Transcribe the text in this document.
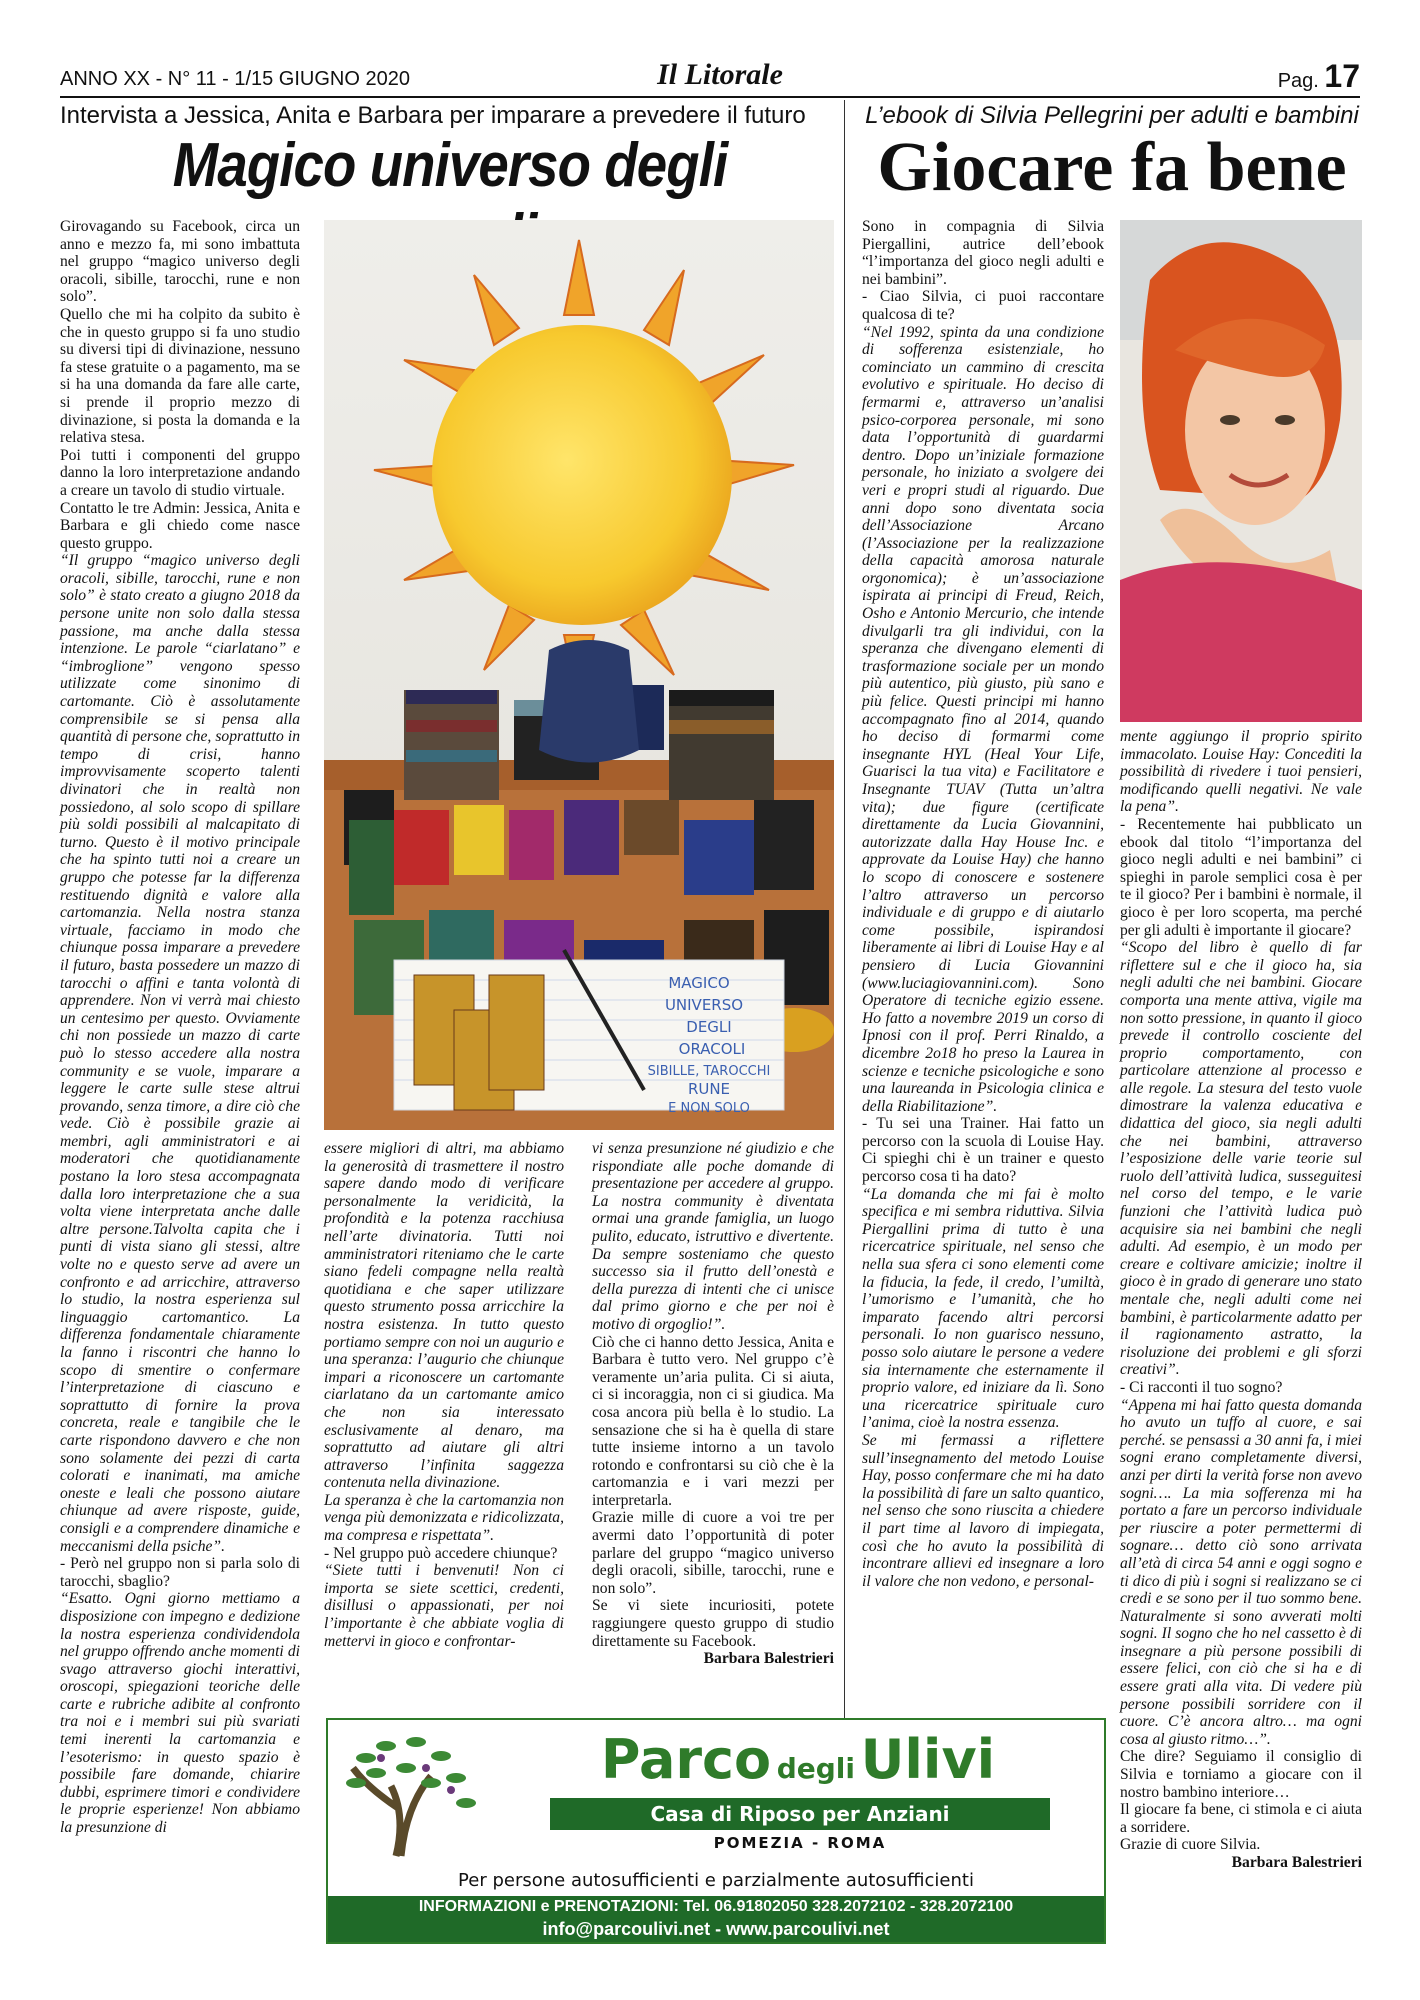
ANNO XX - N° 11 - 1/15 GIUGNO 2020	Il Litorale	Pag. 17
Intervista a Jessica, Anita e Barbara per imparare a prevedere il futuro
Magico universo degli

Girovagando su Facebook, circa un anno e mezzo fa, mi sono imbattuta nel gruppo “magico universo degli oracoli, sibille, tarocchi, rune e non solo”.

Quello che mi ha colpito da subito è che in questo gruppo si fa uno studio su diversi tipi di divinazione, nessuno fa stese gratuite o a pagamento, ma se si ha una domanda da fare alle carte, si prende il proprio mezzo di divinazione, si posta la domanda e la relativa stesa.

Poi tutti i componenti del gruppo danno la loro interpretazione andando a creare un tavolo di studio virtuale.

Contatto le tre Admin: Jessica, Anita e Barbara e gli chiedo come nasce questo gruppo.

“Il gruppo “magico universo degli oracoli, sibille, tarocchi, rune e non solo” è stato creato a giugno 2018 da persone unite non solo dalla stessa passione, ma anche dalla stessa intenzione. Le parole “ciarlatano” e “imbroglione” vengono spesso utilizzate come sinonimo di cartomante. Ciò è assolutamente comprensibile se si pensa alla quantità di persone che, soprattutto in tempo di crisi, hanno improvvisamente scoperto talenti divinatori che in realtà non possiedono, al solo scopo di spillare più soldi possibili al malcapitato di turno. Questo è il motivo principale che ha spinto tutti noi a creare un gruppo che potesse far la differenza restituendo dignità e valore alla cartomanzia. Nella nostra stanza virtuale, facciamo in modo che chiunque possa imparare a prevedere il futuro, basta possedere un mazzo di tarocchi o affini e tanta volontà di apprendere. Non vi verrà mai chiesto un centesimo per questo. Ovviamente chi non possiede un mazzo di carte può lo stesso accedere alla nostra community e se vuole, imparare a leggere le carte sulle stese altrui provando, senza timore, a dire ciò che vede. Ciò è possibile grazie ai membri, agli amministratori e ai moderatori che quotidianamente postano la loro stesa accompagnata dalla loro interpretazione che a sua volta viene interpretata anche dalle altre persone.Talvolta capita che i punti di vista siano gli stessi, altre volte no e questo serve ad avere un confronto e ad arricchire, attraverso lo studio, la nostra esperienza sul linguaggio cartomantico. La differenza fondamentale chiaramente la fanno i riscontri che hanno lo scopo di smentire o confermare l’interpretazione di ciascuno e soprattutto di fornire la prova concreta, reale e tangibile che le carte rispondono davvero e che non sono solamente dei pezzi di carta colorati e inanimati, ma amiche oneste e leali che possono aiutare chiunque ad avere risposte, guide, consigli e a comprendere dinamiche e meccanismi della psiche”.

- Però nel gruppo non si parla solo di tarocchi, sbaglio?

“Esatto. Ogni giorno mettiamo a disposizione con impegno e dedizione la nostra esperienza condividendola nel gruppo offrendo anche momenti di svago attraverso giochi interattivi, oroscopi, spiegazioni teoriche delle carte e rubriche adibite al confronto tra noi e i membri sui più svariati temi inerenti la cartomanzia e l’esoterismo: in questo spazio è possibile fare domande, chiarire dubbi, esprimere timori e condividere le proprie esperienze! Non abbiamo la presunzione di

MAGICO
UNIVERSO
DEGLI
ORACOLI
SIBILLE, TAROCCHI
RUNE
E NON SOLO

essere migliori di altri, ma abbiamo la generosità di trasmettere il nostro sapere dando modo di verificare personalmente la veridicità, la profondità e la potenza racchiusa nell’arte divinatoria. Tutti noi amministratori riteniamo che le carte siano fedeli compagne nella realtà quotidiana e che saper utilizzare questo strumento possa arricchire la nostra esistenza. In tutto questo portiamo sempre con noi un augurio e una speranza: l’augurio che chiunque impari a riconoscere un cartomante ciarlatano da un cartomante amico che non sia interessato esclusivamente al denaro, ma soprattutto ad aiutare gli altri attraverso l’infinita saggezza contenuta nella divinazione.

La speranza è che la cartomanzia non venga più demonizzata e ridicolizzata, ma compresa e rispettata”.

- Nel gruppo può accedere chiunque?

“Siete tutti i benvenuti! Non ci importa se siete scettici, credenti, disillusi o appassionati, per noi l’importante è che abbiate voglia di mettervi in gioco e confrontar-

vi senza presunzione né giudizio e che rispondiate alle poche domande di presentazione per accedere al gruppo. La nostra community è diventata ormai una grande famiglia, un luogo pulito, educato, istruttivo e divertente. Da sempre sosteniamo che questo successo sia il frutto dell’onestà e della purezza di intenti che ci unisce dal primo giorno e che per noi è motivo di orgoglio!”.

Ciò che ci hanno detto Jessica, Anita e Barbara è tutto vero. Nel gruppo c’è veramente un’aria pulita. Ci si aiuta, ci si incoraggia, non ci si giudica. Ma cosa ancora più bella è lo studio. La sensazione che si ha è quella di stare tutte insieme intorno a un tavolo rotondo e confrontarsi su ciò che è la cartomanzia e i vari mezzi per interpretarla.

Grazie mille di cuore a voi tre per avermi dato l’opportunità di poter parlare del gruppo “magico universo degli oracoli, sibille, tarocchi, rune e non solo”.

Se vi siete incuriositi, potete raggiungere questo gruppo di studio direttamente su Facebook.

Barbara Balestrieri

L’ebook di Silvia Pellegrini per adulti e bambini
Giocare fa bene

Sono in compagnia di Silvia Piergallini, autrice dell’ebook “l’importanza del gioco negli adulti e nei bambini”.

- Ciao Silvia, ci puoi raccontare qualcosa di te?

“Nel 1992, spinta da una condizione di sofferenza esistenziale, ho cominciato un cammino di crescita evolutivo e spirituale. Ho deciso di fermarmi e, attraverso un’analisi psico-corporea personale, mi sono data l’opportunità di guardarmi dentro. Dopo un’iniziale formazione personale, ho iniziato a svolgere dei veri e propri studi al riguardo. Due anni dopo sono diventata socia dell’Associazione Arcano (l’Associazione per la realizzazione della capacità amorosa naturale orgonomica); è un’associazione ispirata ai principi di Freud, Reich, Osho e Antonio Mercurio, che intende divulgarli tra gli individui, con la speranza che divengano elementi di trasformazione sociale per un mondo più autentico, più giusto, più sano e più felice. Questi principi mi hanno accompagnato fino al 2014, quando ho deciso di formarmi come insegnante HYL (Heal Your Life, Guarisci la tua vita) e Facilitatore e Insegnante TUAV (Tutta un’altra vita); due figure (certificate direttamente da Lucia Giovannini, autorizzate dalla Hay House Inc. e approvate da Louise Hay) che hanno lo scopo di conoscere e sostenere l’altro attraverso un percorso individuale e di gruppo e di aiutarlo come possibile, ispirandosi liberamente ai libri di Louise Hay e al pensiero di Lucia Giovannini (www.luciagiovannini.com). Sono Operatore di tecniche egizio essene. Ho fatto a novembre 2019 un corso di Ipnosi con il prof. Perri Rinaldo, a dicembre 2o18 ho preso la Laurea in scienze e tecniche psicologiche e sono una laureanda in Psicologia clinica e della Riabilitazione”.

- Tu sei una Trainer. Hai fatto un percorso con la scuola di Louise Hay. Ci spieghi chi è un trainer e questo percorso cosa ti ha dato?

“La domanda che mi fai è molto specifica e mi sembra riduttiva. Silvia Piergallini prima di tutto è una ricercatrice spirituale, nel senso che nella sua sfera ci sono elementi come la fiducia, la fede, il credo, l’umiltà, l’umorismo e l’umanità, che ho imparato facendo altri percorsi personali. Io non guarisco nessuno, posso solo aiutare le persone a vedere sia internamente che esternamente il proprio valore, ed iniziare da lì. Sono una ricercatrice spirituale curo l’anima, cioè la nostra essenza.

Se mi fermassi a riflettere sull’insegnamento del metodo Louise Hay, posso confermare che mi ha dato la possibilità di fare un salto quantico, nel senso che sono riuscita a chiedere il part time al lavoro di impiegata, così che ho avuto la possibilità di incontrare allievi ed insegnare a loro il valore che non vedono, e personal-

mente aggiungo il proprio spirito immacolato. Louise Hay: Concediti la possibilità di rivedere i tuoi pensieri, modificando quelli negativi. Ne vale la pena”.

- Recentemente hai pubblicato un ebook dal titolo “l’importanza del gioco negli adulti e nei bambini” ci spieghi in parole semplici cosa è per te il gioco? Per i bambini è normale, il gioco è per loro scoperta, ma perché per gli adulti è importante il giocare?

“Scopo del libro è quello di far riflettere sul e che il gioco ha, sia negli adulti che nei bambini. Giocare comporta una mente attiva, vigile ma non sotto pressione, in quanto il gioco prevede il controllo cosciente del proprio comportamento, con particolare attenzione al processo e alle regole. La stesura del testo vuole dimostrare la valenza educativa e didattica del gioco, sia negli adulti che nei bambini, attraverso l’esposizione delle varie teorie sul ruolo dell’attività ludica, susseguitesi nel corso del tempo, e le varie funzioni che l’attività ludica può acquisire sia nei bambini che negli adulti. Ad esempio, è un modo per creare e coltivare amicizie; inoltre il gioco è in grado di generare uno stato mentale che, negli adulti come nei bambini, è particolarmente adatto per il ragionamento astratto, la risoluzione dei problemi e gli sforzi creativi”.

- Ci racconti il tuo sogno?

“Appena mi hai fatto questa domanda ho avuto un tuffo al cuore, e sai perché. se pensassi a 30 anni fa, i miei sogni erano completamente diversi, anzi per dirti la verità forse non avevo sogni…. La mia sofferenza mi ha portato a fare un percorso individuale per riuscire a poter permettermi di sognare… detto ciò sono arrivata all’età di circa 54 anni e oggi sogno e ti dico di più i sogni si realizzano se ci credi e se sono per il tuo sommo bene. Naturalmente si sono avverati molti sogni. Il sogno che ho nel cassetto è di insegnare a più persone possibili di essere felici, con ciò che si ha e di essere grati alla vita. Di vedere più persone possibili sorridere con il cuore. C’è ancora altro… ma ogni cosa al giusto ritmo…”.

Che dire? Seguiamo il consiglio di Silvia e torniamo a giocare con il nostro bambino interiore…

Il giocare fa bene, ci stimola e ci aiuta a sorridere.

Grazie di cuore Silvia.

Barbara Balestrieri

Parco degli Ulivi
Casa di Riposo per Anziani
POMEZIA - ROMA
Per persone autosufficienti e parzialmente autosufficienti
INFORMAZIONI e PRENOTAZIONI: Tel. 06.91802050 328.2072102 - 328.2072100
info@parcoulivi.net - www.parcoulivi.net
